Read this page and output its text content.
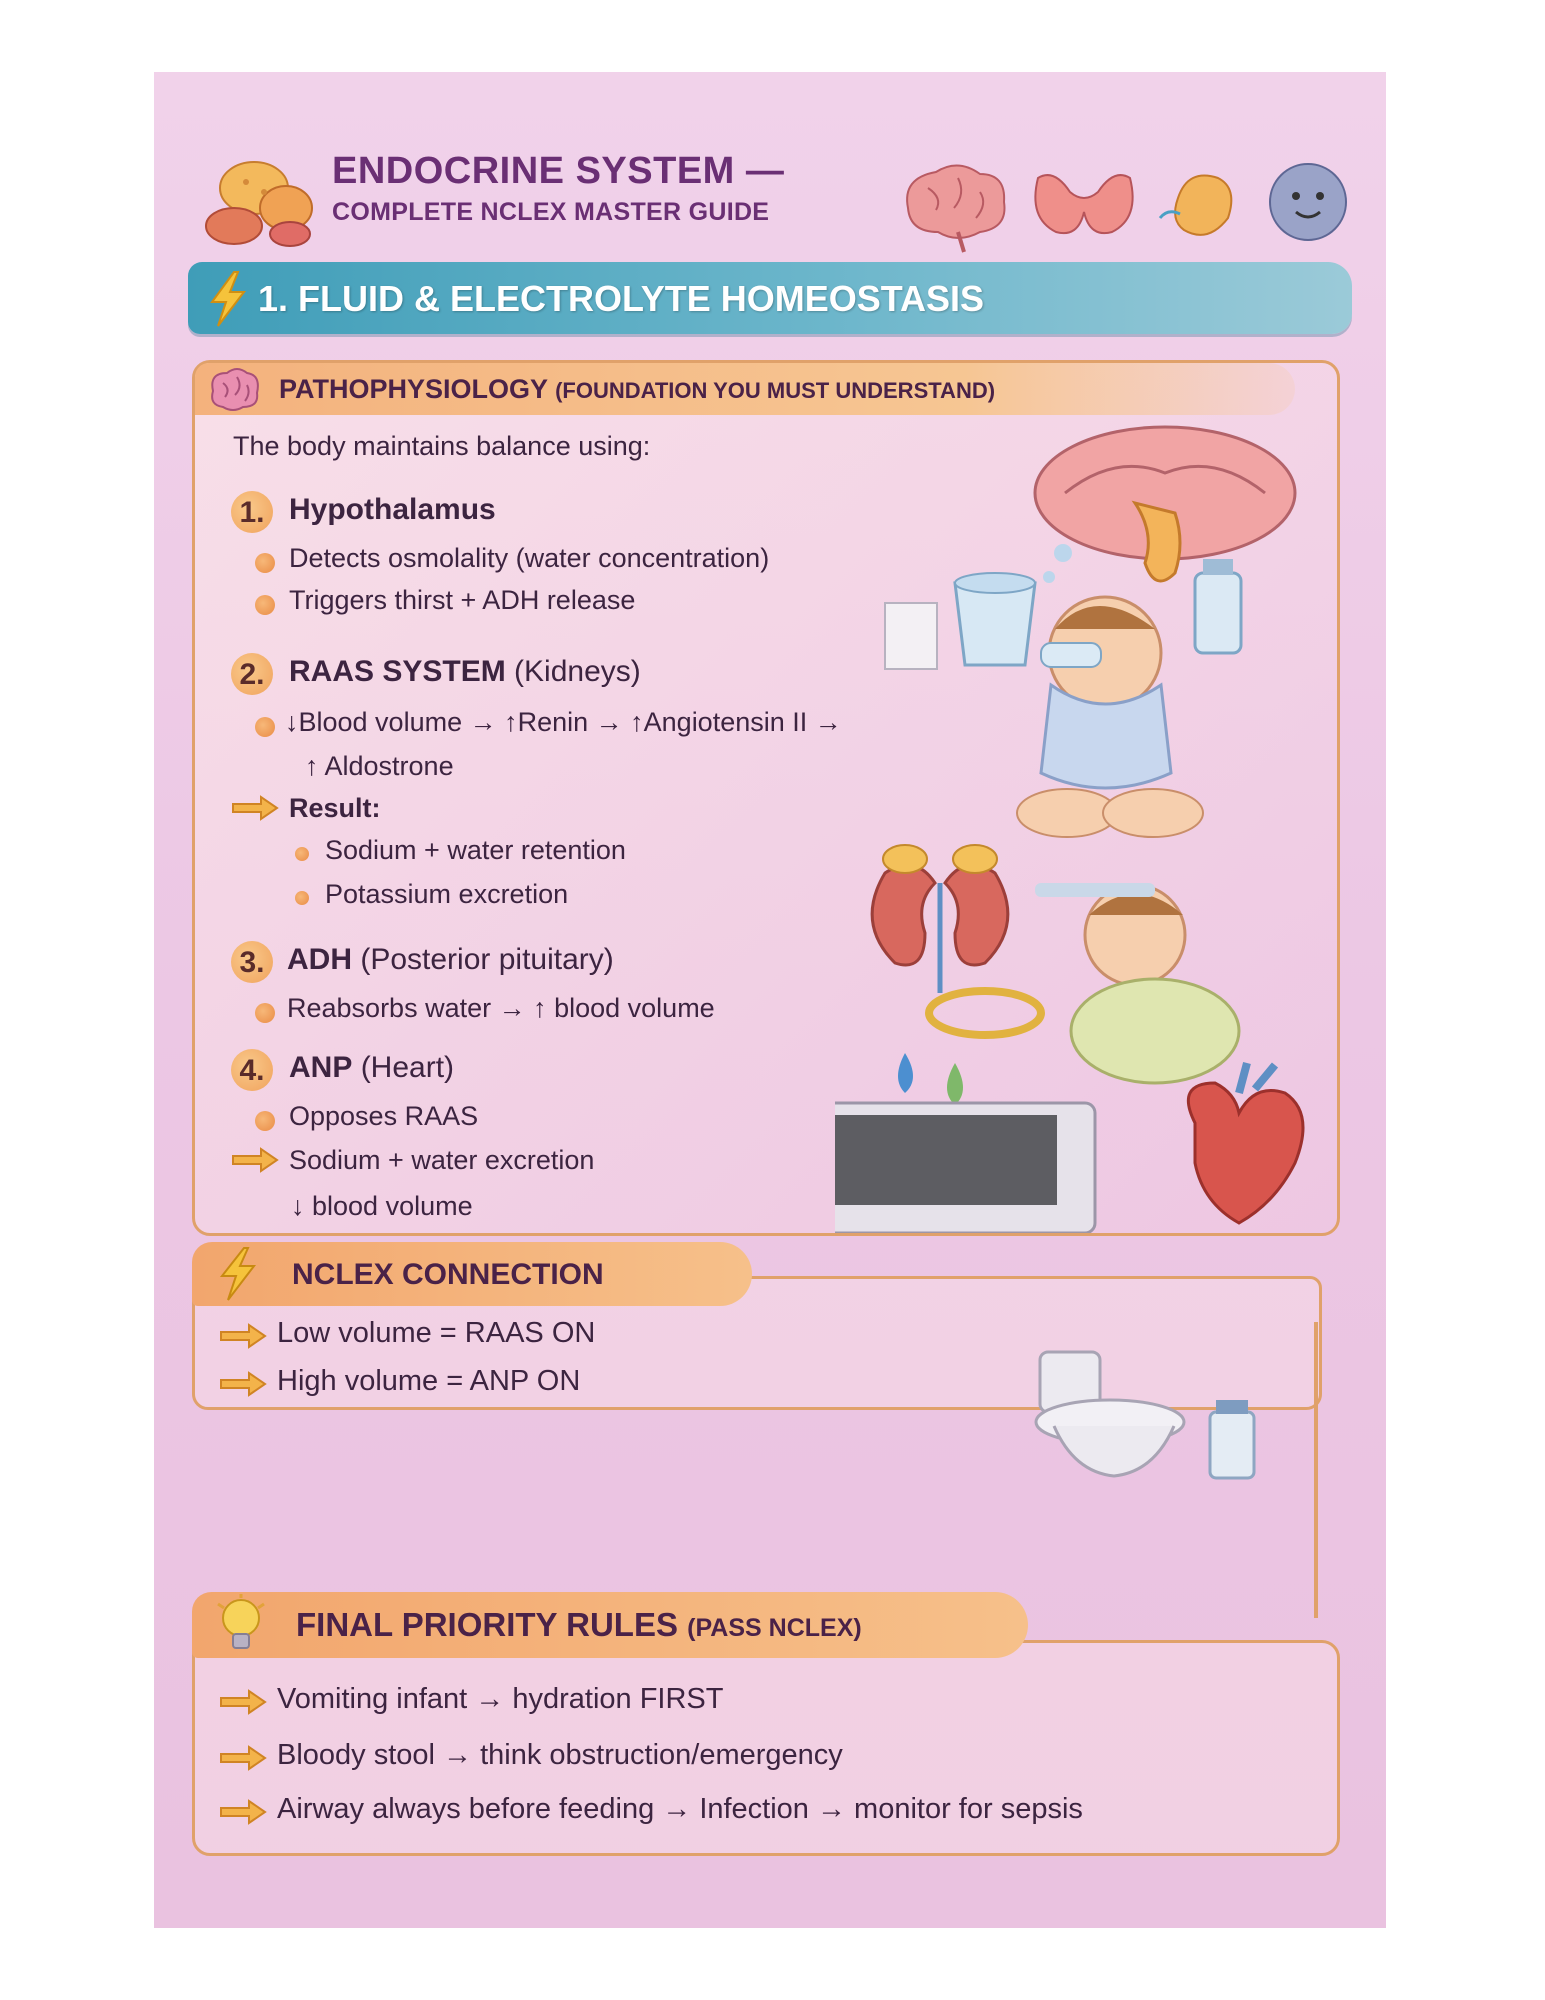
ENDOCRINE SYSTEM —
COMPLETE NCLEX MASTER GUIDE
1. FLUID & ELECTROLYTE HOMEOSTASIS
PATHOPHYSIOLOGY (FOUNDATION YOU MUST UNDERSTAND)
The body maintains balance using:
1. Hypothalamus
Detects osmolality (water concentration)
Triggers thirst + ADH release
2. RAAS SYSTEM (Kidneys)
↓Blood volume → ↑Renin → ↑Angiotensin II →
↑ Aldostrone
Result:
Sodium + water retention
Potassium excretion
3. ADH (Posterior pituitary)
Reabsorbs water → ↑ blood volume
4. ANP (Heart)
Opposes RAAS
Sodium + water excretion
↓ blood volume
Low volume = RAAS ON
High volume = ANP ON
NCLEX CONNECTION
Vomiting infant → hydration FIRST
Bloody stool → think obstruction/emergency
Airway always before feeding → Infection → monitor for sepsis
FINAL PRIORITY RULES (PASS NCLEX)
